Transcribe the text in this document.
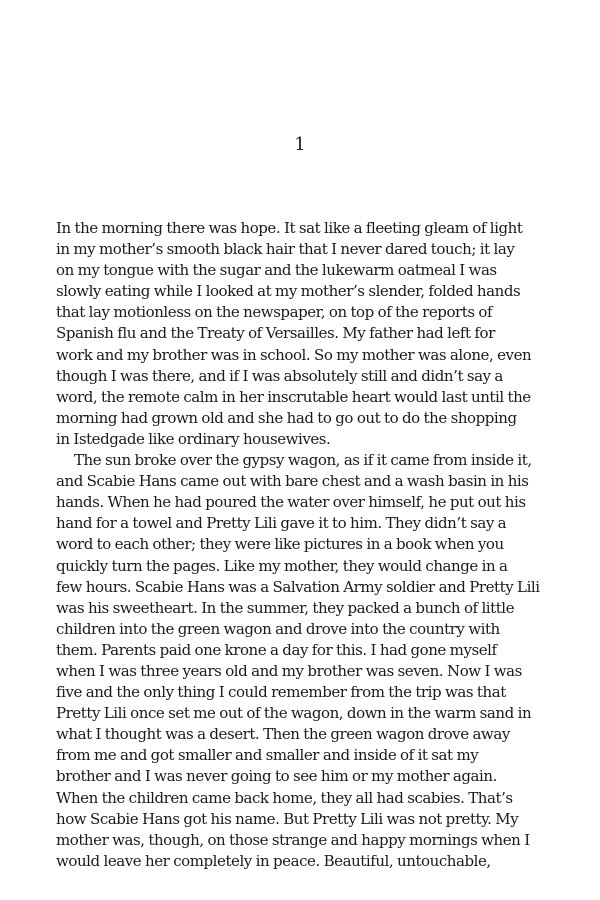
1
In the morning there was hope. It sat like a fleeting gleam of light
in my mother’s smooth black hair that I never dared touch; it lay
on my tongue with the sugar and the lukewarm oatmeal I was
slowly eating while I looked at my mother’s slender, folded hands
that lay motionless on the newspaper, on top of the reports of
Spanish flu and the Treaty of Versailles. My father had left for
work and my brother was in school. So my mother was alone, even
though I was there, and if I was absolutely still and didn’t say a
word, the remote calm in her inscrutable heart would last until the
morning had grown old and she had to go out to do the shopping
in Istedgade like ordinary housewives.
The sun broke over the gypsy wagon, as if it came from inside it,
and Scabie Hans came out with bare chest and a wash basin in his
hands. When he had poured the water over himself, he put out his
hand for a towel and Pretty Lili gave it to him. They didn’t say a
word to each other; they were like pictures in a book when you
quickly turn the pages. Like my mother, they would change in a
few hours. Scabie Hans was a Salvation Army soldier and Pretty Lili
was his sweetheart. In the summer, they packed a bunch of little
children into the green wagon and drove into the country with
them. Parents paid one krone a day for this. I had gone myself
when I was three years old and my brother was seven. Now I was
five and the only thing I could remember from the trip was that
Pretty Lili once set me out of the wagon, down in the warm sand in
what I thought was a desert. Then the green wagon drove away
from me and got smaller and smaller and inside of it sat my
brother and I was never going to see him or my mother again.
When the children came back home, they all had scabies. That’s
how Scabie Hans got his name. But Pretty Lili was not pretty. My
mother was, though, on those strange and happy mornings when I
would leave her completely in peace. Beautiful, untouchable,
